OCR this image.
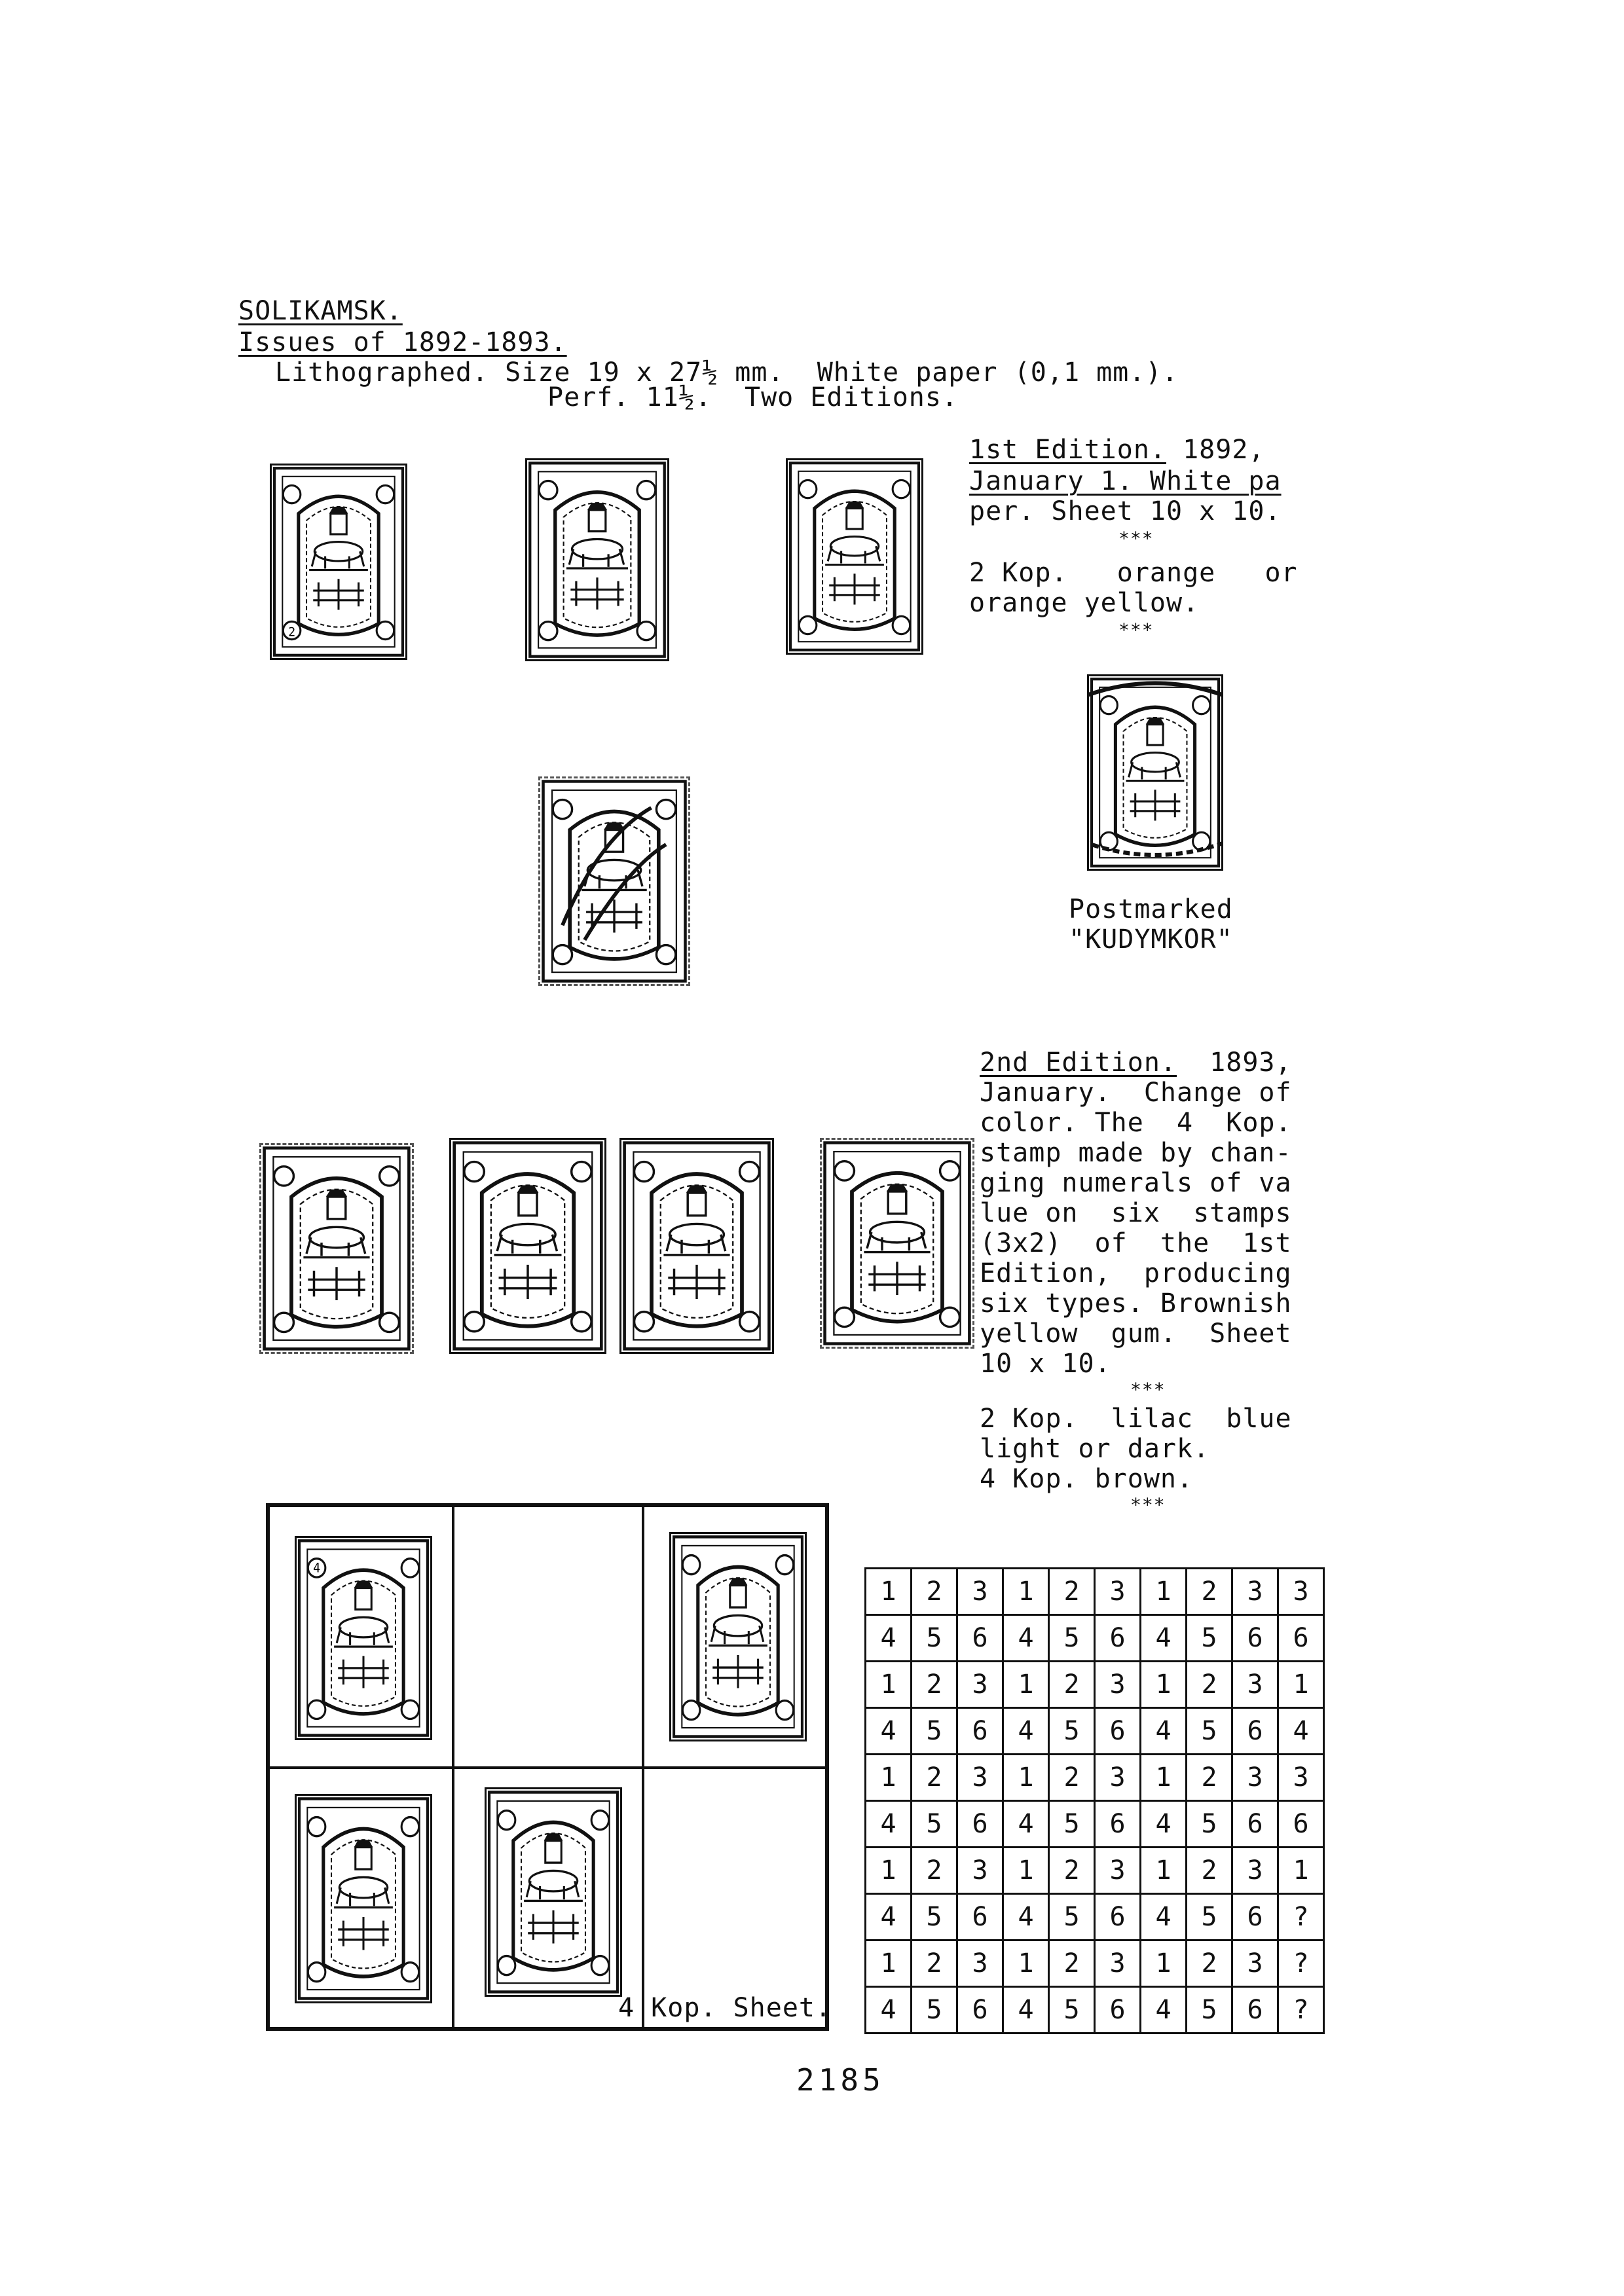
SOLIKAMSK.
Issues of 1892-1893.
Lithographed. Size 19 x 27½ mm.  White paper (0,1 mm.).
Perf. 11½.  Two Editions.
1st Edition. 1892,
January 1. White pa
per. Sheet 10 x 10.
***
2 Kop.   orange   or
orange yellow.
***
2
Postmarked
"KUDYMKOR"
2nd Edition.  1893,
January.  Change of
color. The  4  Kop.
stamp made by chan-
ging numerals of va
lue on  six  stamps
(3x2)  of  the  1st
Edition,  producing
six types. Brownish
yellow  gum.  Sheet
10 x 10.
***
2 Kop.  lilac  blue
light or dark.
4 Kop. brown.
***
4
4 Kop. Sheet.
1	2	3	1	2	3	1	2	3	3
4	5	6	4	5	6	4	5	6	6
1	2	3	1	2	3	1	2	3	1
4	5	6	4	5	6	4	5	6	4
1	2	3	1	2	3	1	2	3	3
4	5	6	4	5	6	4	5	6	6
1	2	3	1	2	3	1	2	3	1
4	5	6	4	5	6	4	5	6	?
1	2	3	1	2	3	1	2	3	?
4	5	6	4	5	6	4	5	6	?
2185
